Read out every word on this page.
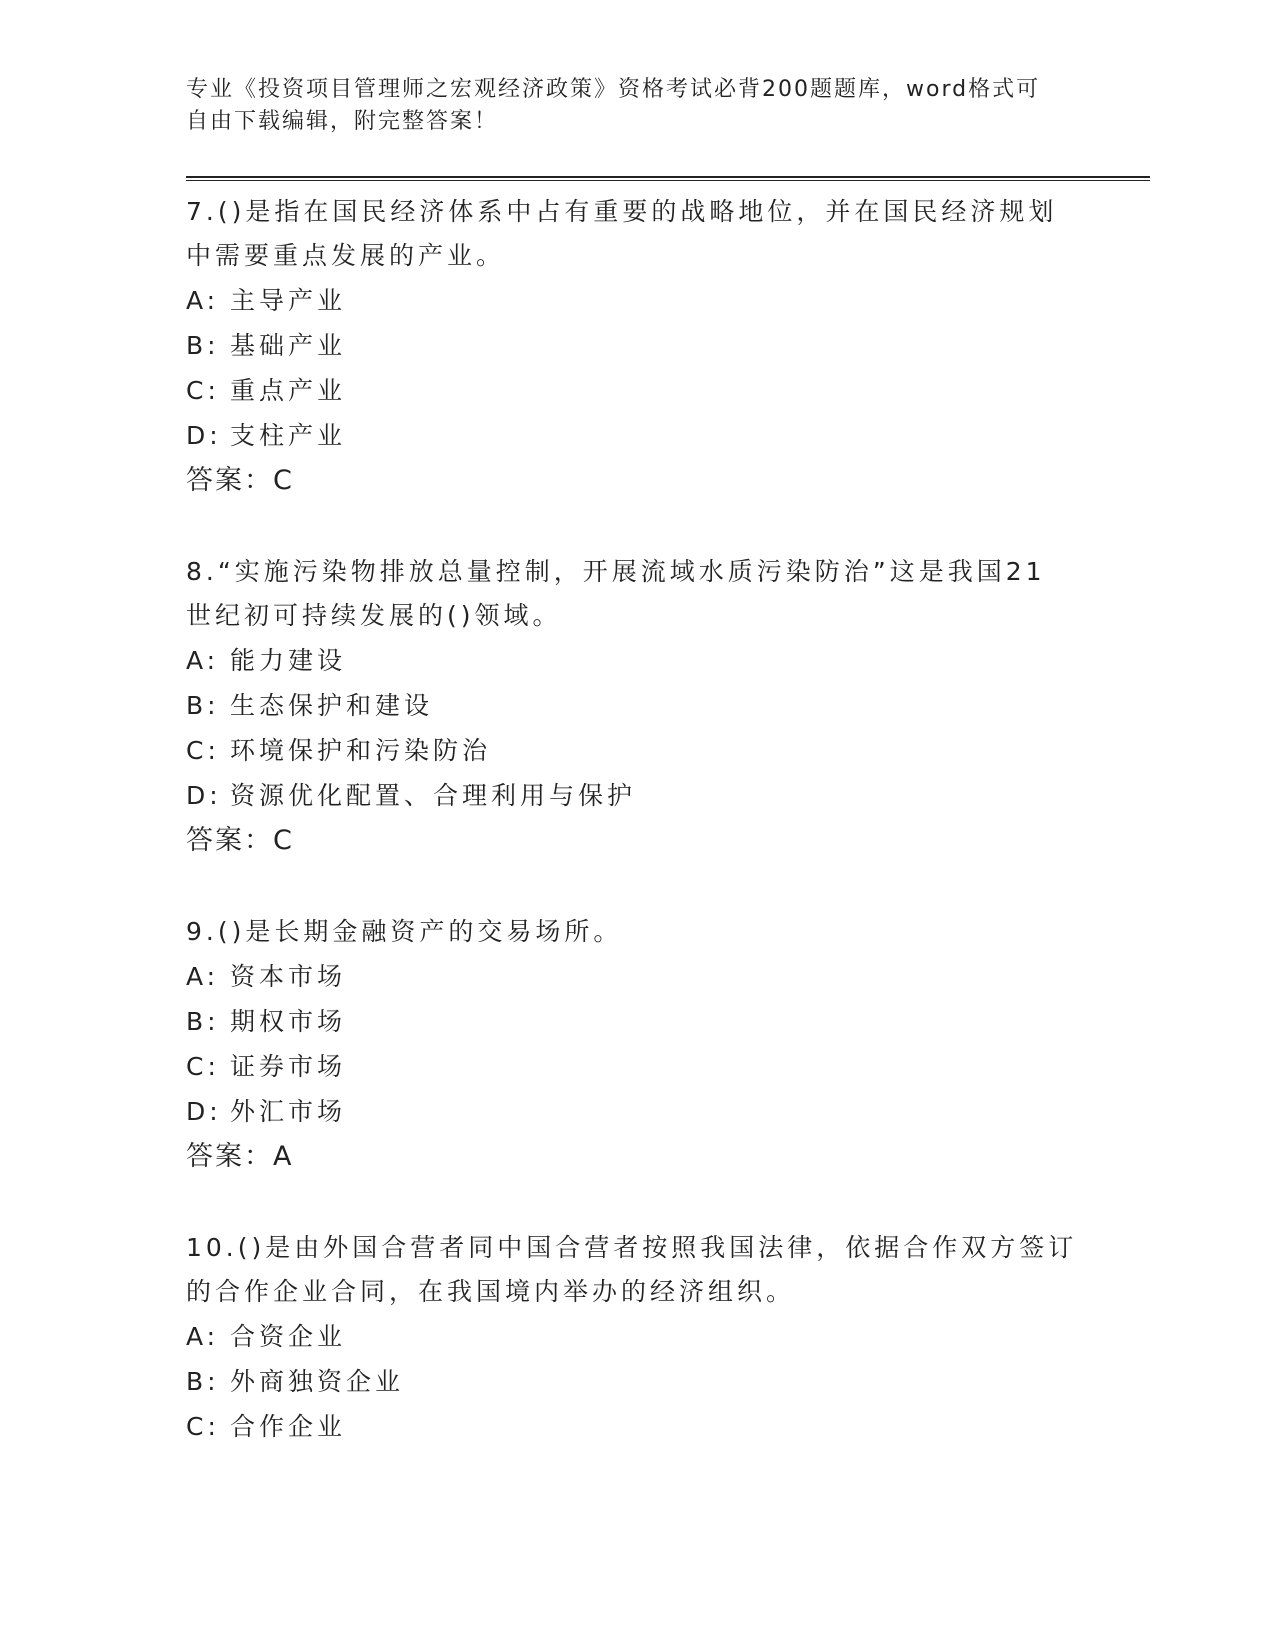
专业《投资项目管理师之宏观经济政策》资格考试必背200题题库，word格式可
自由下载编辑，附完整答案！
7.()是指在国民经济体系中占有重要的战略地位，并在国民经济规划
中需要重点发展的产业。
A: 主导产业
B: 基础产业
C: 重点产业
D: 支柱产业
答案：C
8.“实施污染物排放总量控制，开展流域水质污染防治”这是我国21
世纪初可持续发展的()领域。
A: 能力建设
B: 生态保护和建设
C: 环境保护和污染防治
D: 资源优化配置、合理利用与保护
答案：C
9.()是长期金融资产的交易场所。
A: 资本市场
B: 期权市场
C: 证券市场
D: 外汇市场
答案：A
10.()是由外国合营者同中国合营者按照我国法律，依据合作双方签订
的合作企业合同，在我国境内举办的经济组织。
A: 合资企业
B: 外商独资企业
C: 合作企业
